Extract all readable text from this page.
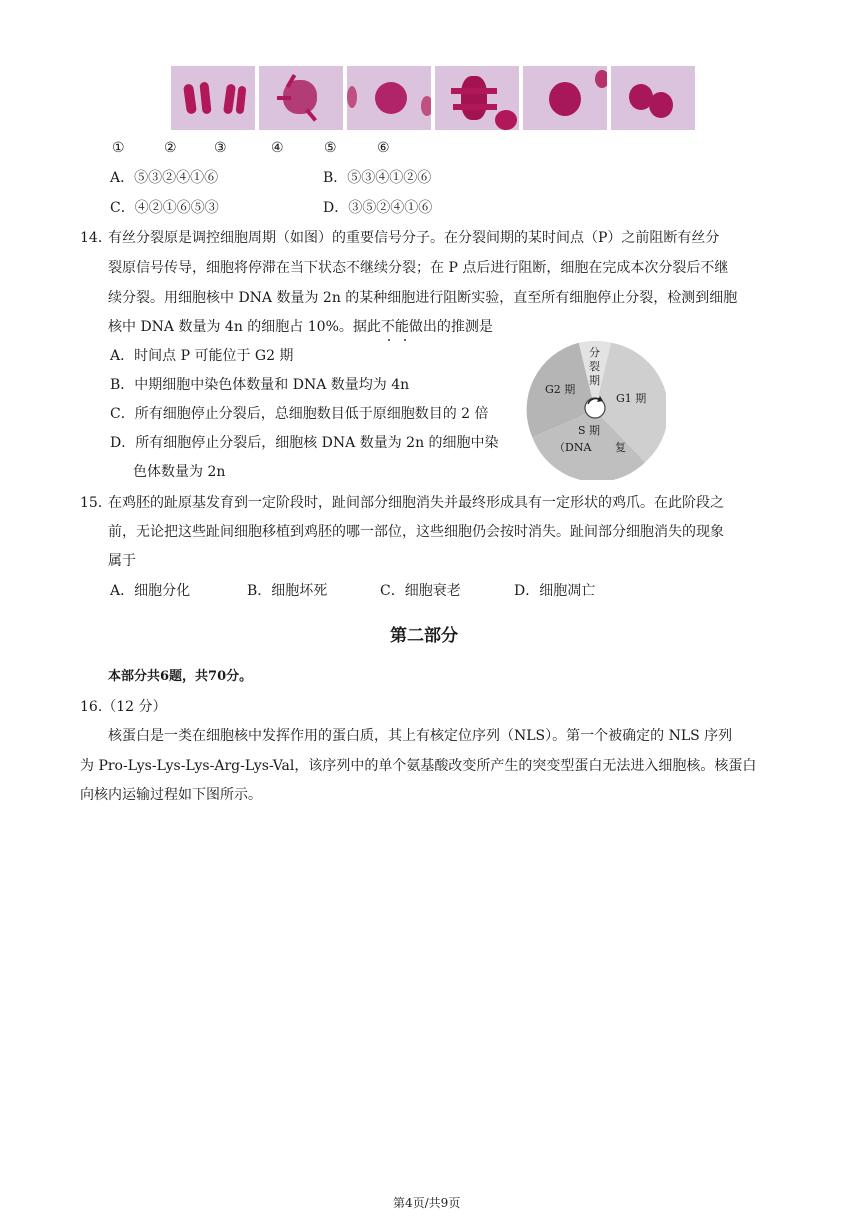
①	②	③	④	⑤	⑥
A．⑤③②④①⑥	B．⑤③④①②⑥
C．④②①⑥⑤③	D．③⑤②④①⑥
14．
有丝分裂原是调控细胞周期（如图）的重要信号分子。在分裂间期的某时间点（P）之前阻断有丝分
裂原信号传导，细胞将停滞在当下状态不继续分裂；在 P 点后进行阻断，细胞在完成本次分裂后不继
续分裂。用细胞核中 DNA 数量为 2n 的某种细胞进行阻断实验，直至所有细胞停止分裂，检测到细胞
核中 DNA 数量为 4n 的细胞占 10%。据此不能做出的推测是
A．时间点 P 可能位于 G2 期
B．中期细胞中染色体数量和 DNA 数量均为 4n
C．所有细胞停止分裂后，总细胞数目低于原细胞数目的 2 倍
D．所有细胞停止分裂后，细胞核 DNA 数量为 2n 的细胞中染
色体数量为 2n
分
裂
期
G2 期
G1 期
S 期
（DNA 复
15．
在鸡胚的趾原基发育到一定阶段时，趾间部分细胞消失并最终形成具有一定形状的鸡爪。在此阶段之
前，无论把这些趾间细胞移植到鸡胚的哪一部位，这些细胞仍会按时消失。趾间部分细胞消失的现象
属于
A．细胞分化	B．细胞坏死	C．细胞衰老	D．细胞凋亡
第二部分
本部分共6题，共70分。
16.（12 分）
核蛋白是一类在细胞核中发挥作用的蛋白质，其上有核定位序列（NLS）。第一个被确定的 NLS 序列
为 Pro-Lys-Lys-Lys-Arg-Lys-Val，该序列中的单个氨基酸改变所产生的突变型蛋白无法进入细胞核。核蛋白
向核内运输过程如下图所示。
第4页/共9页
